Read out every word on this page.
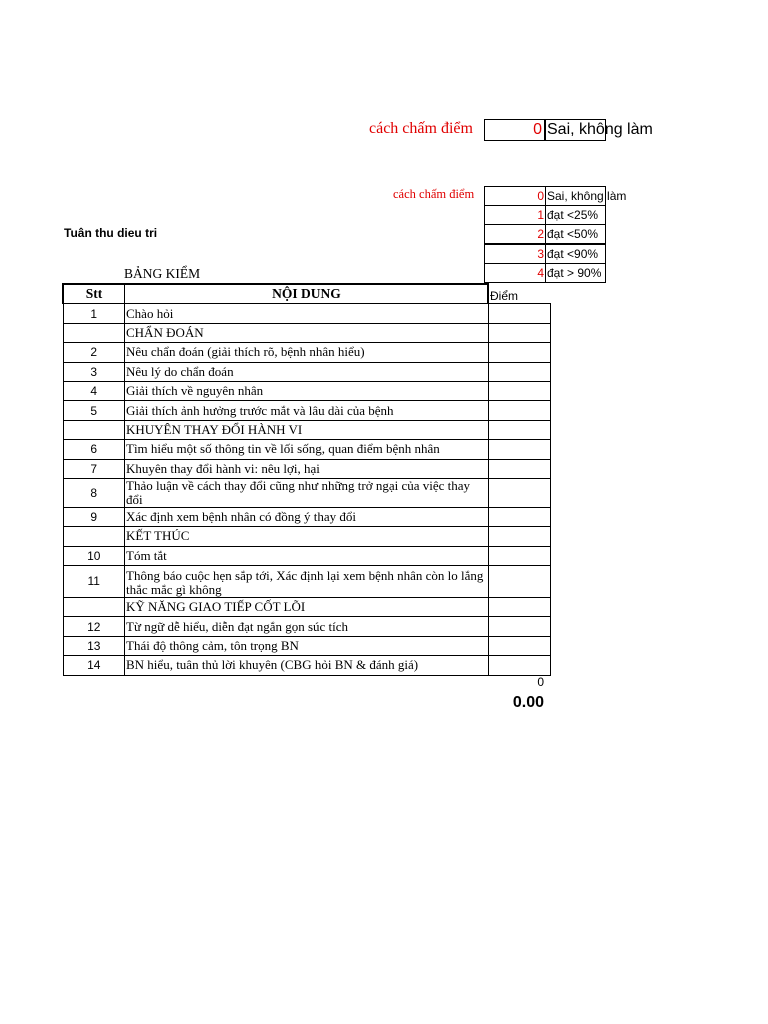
cách chấm điểm	0 Sai, không làm
cách chấm điểm	0 Sai, không làm
1 đạt <25%
2 đạt <50%
3 đạt <90%
4 đạt > 90%
Tuân thu dieu tri
BẢNG KIỂM
Stt	NỘI DUNG	Điểm
1	Chào hỏi	
	CHẨN ĐOÁN	
2	Nêu chẩn đoán (giải thích rõ, bệnh nhân hiểu)	
3	Nêu lý do chẩn đoán	
4	Giải thích về nguyên nhân	
5	Giải thích ảnh hưởng trước mắt và lâu dài của bệnh	
	KHUYÊN THAY ĐỔI HÀNH VI	
6	Tìm hiểu một số thông tin về lối sống, quan điểm bệnh nhân	
7	Khuyên thay đổi hành vi: nêu lợi, hại	
8	Thảo luận về cách thay đổi cũng như những trở ngại của việc thay đổi	
9	Xác định xem bệnh nhân có đồng ý thay đổi	
	KẾT THÚC	
10	Tóm tắt	
11	Thông báo cuộc hẹn sắp tới, Xác định lại xem bệnh nhân còn lo lắng thắc mắc gì không	
	KỸ NĂNG GIAO TIẾP CỐT LÕI	
12	Từ ngữ dễ hiểu, diễn đạt ngắn gọn súc tích	
13	Thái độ thông cảm, tôn trọng BN	
14	BN hiểu, tuân thủ lời khuyên (CBG hỏi BN & đánh giá)	
0
0.00
